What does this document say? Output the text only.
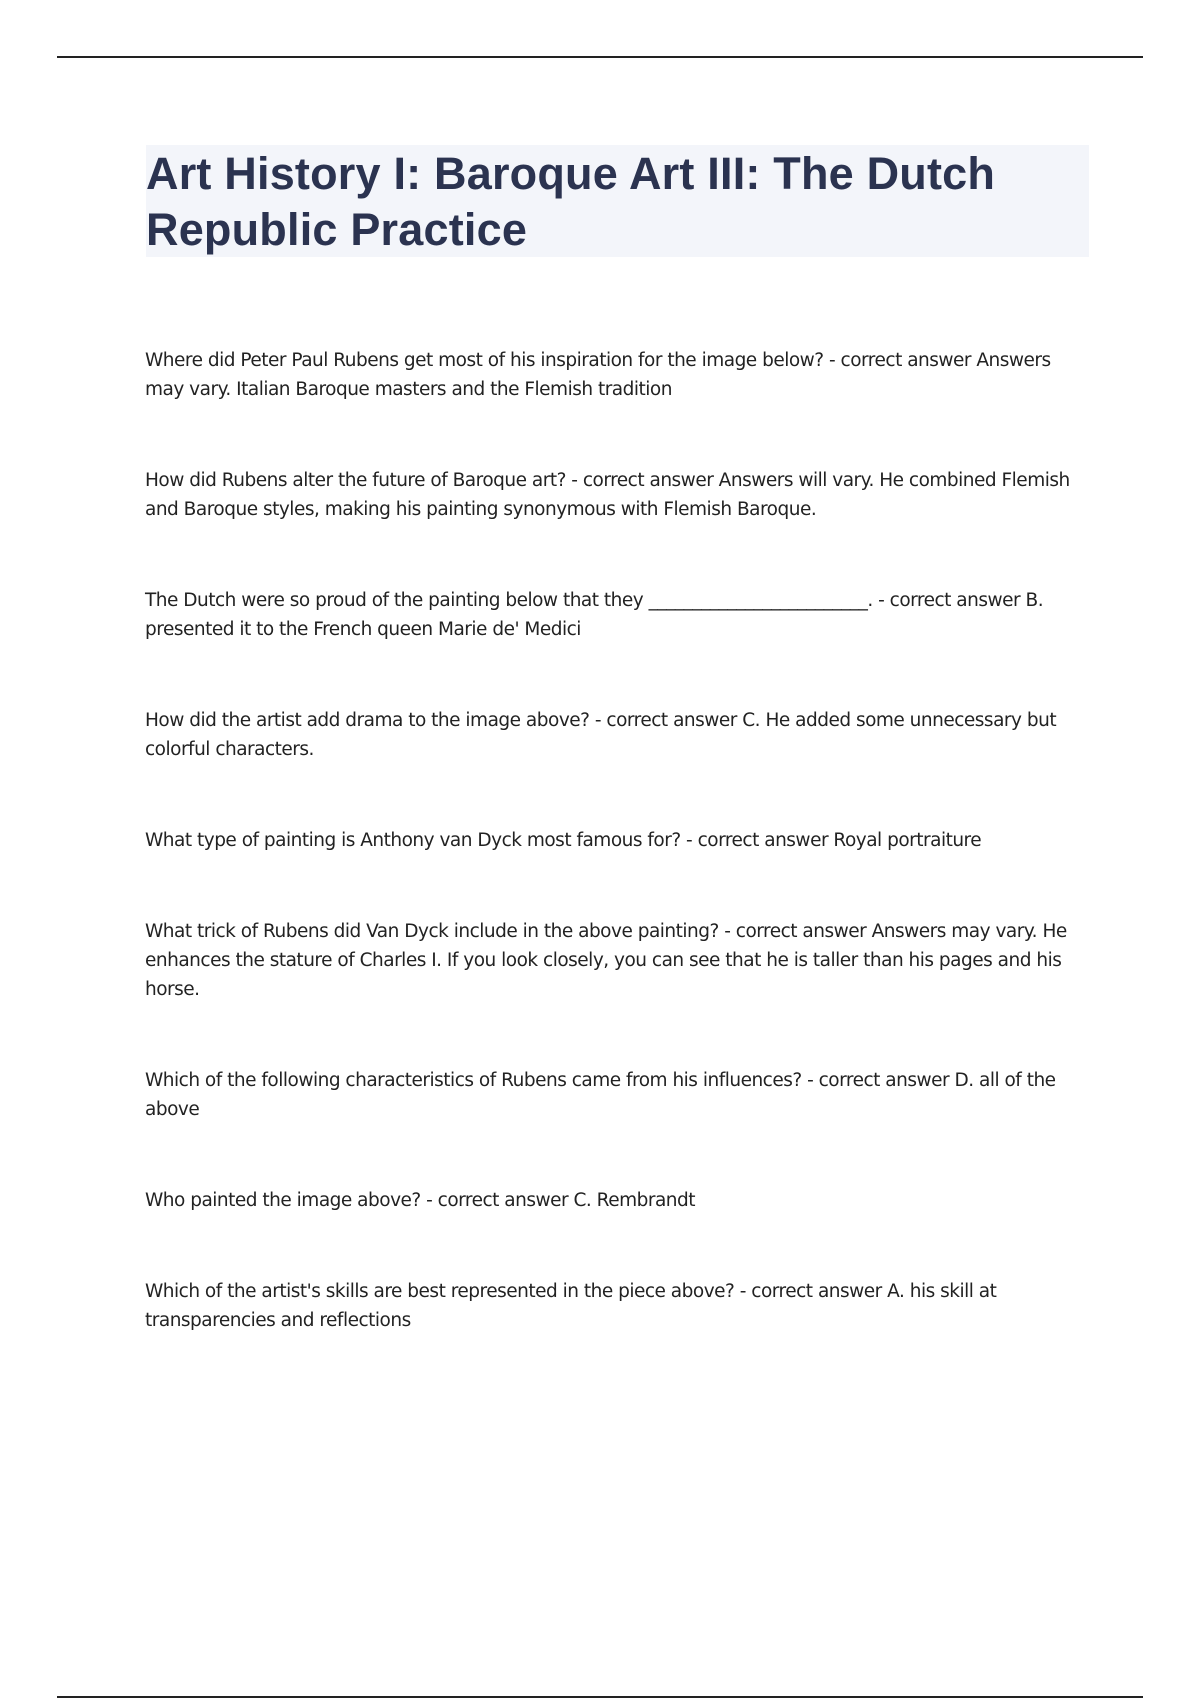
Art History I: Baroque Art III: The Dutch Republic Practice
Where did Peter Paul Rubens get most of his inspiration for the image below? - correct answer Answers may vary. Italian Baroque masters and the Flemish tradition
How did Rubens alter the future of Baroque art? - correct answer Answers will vary. He combined Flemish and Baroque styles, making his painting synonymous with Flemish Baroque.
The Dutch were so proud of the painting below that they _________________________. - correct answer B. presented it to the French queen Marie de' Medici
How did the artist add drama to the image above? - correct answer C. He added some unnecessary but colorful characters.
What type of painting is Anthony van Dyck most famous for? - correct answer Royal portraiture
What trick of Rubens did Van Dyck include in the above painting? - correct answer Answers may vary. He enhances the stature of Charles I. If you look closely, you can see that he is taller than his pages and his horse.
Which of the following characteristics of Rubens came from his influences? - correct answer D. all of the above
Who painted the image above? - correct answer C. Rembrandt
Which of the artist's skills are best represented in the piece above? - correct answer A. his skill at transparencies and reflections
